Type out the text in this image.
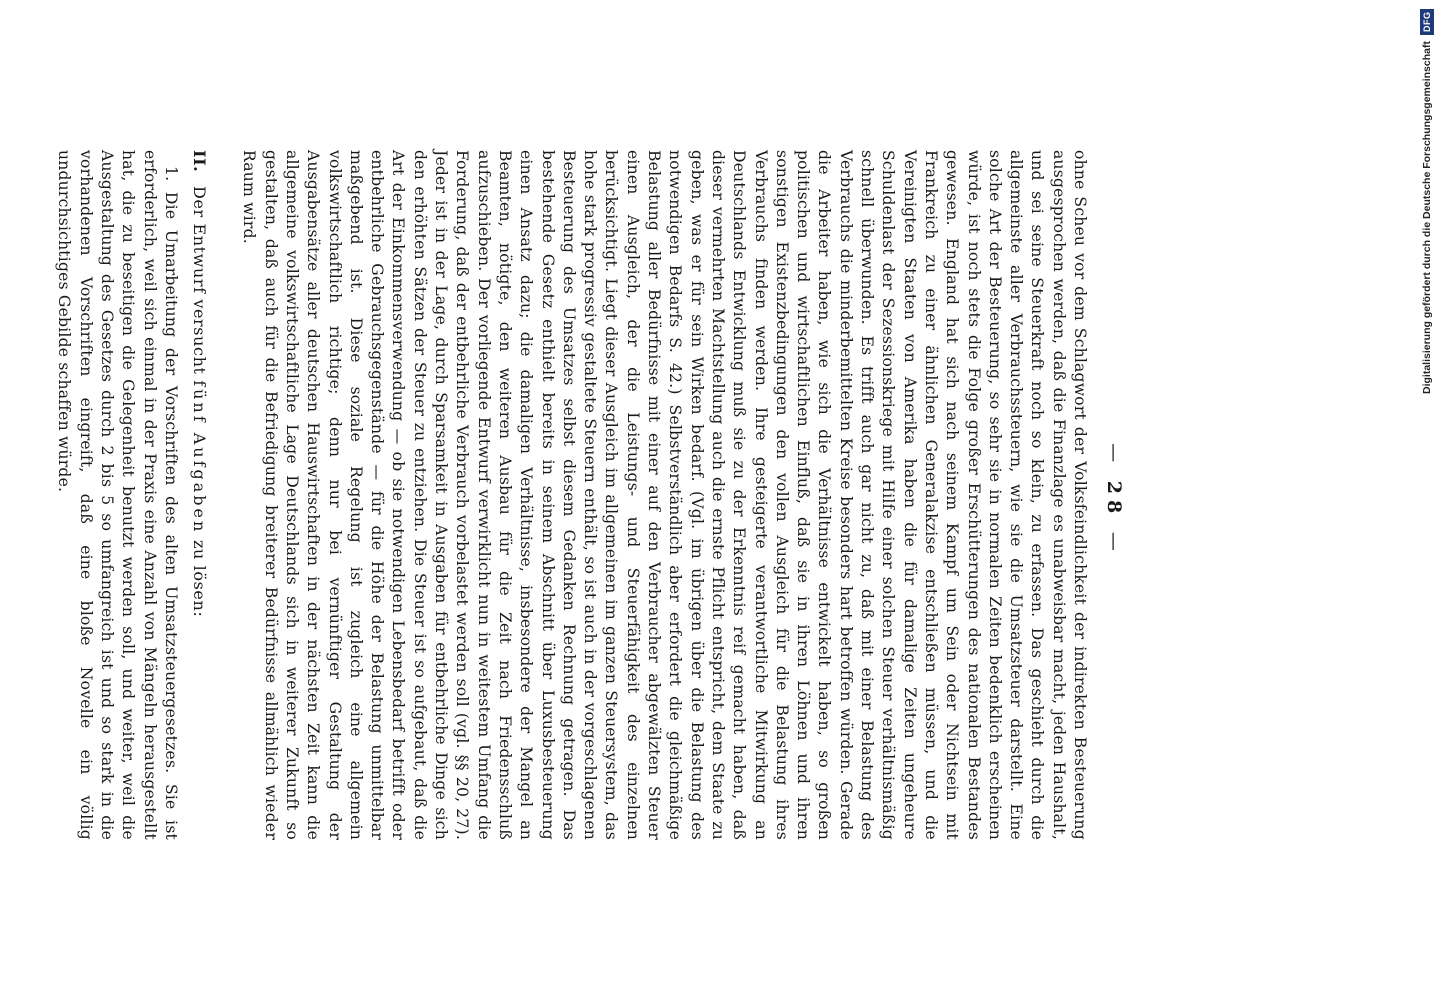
— 28 —

ohne Scheu vor dem Schlagwort der Volksfeindlichkeit der indirekten Besteuerung ausgesprochen werden, daß die Finanzlage es unabweisbar macht, jeden Haushalt, und sei seine Steuerkraft noch so klein, zu erfassen. Das geschieht durch die allgemeinste aller Verbrauchssteuern, wie sie die Umsatzsteuer darstellt. Eine solche Art der Besteuerung, so sehr sie in normalen Zeiten bedenklich erscheinen würde, ist noch stets die Folge großer Erschütterungen des nationalen Bestandes gewesen. England hat sich nach seinem Kampf um Sein oder Nichtsein mit Frankreich zu einer ähnlichen Generalakzise entschließen müssen, und die Vereinigten Staaten von Amerika haben die für damalige Zeiten ungeheure Schuldenlast der Sezessionskriege mit Hilfe einer solchen Steuer verhältnismäßig schnell überwunden. Es trifft auch gar nicht zu, daß mit einer Belastung des Verbrauchs die minderbemittelten Kreise besonders hart betroffen würden. Gerade die Arbeiter haben, wie sich die Verhältnisse entwickelt haben, so großen politischen und wirtschaftlichen Einfluß, daß sie in ihren Löhnen und ihren sonstigen Existenzbedingungen den vollen Ausgleich für die Belastung ihres Verbrauchs finden werden. Ihre gesteigerte verantwortliche Mitwirkung an Deutschlands Entwicklung muß sie zu der Erkenntnis reif gemacht haben, daß dieser vermehrten Machtstellung auch die ernste Pflicht entspricht, dem Staate zu geben, was er für sein Wirken bedarf. (Vgl. im übrigen über die Belastung des notwendigen Bedarfs S. 42.) Selbstverständlich aber erfordert die gleichmäßige Belastung aller Bedürfnisse mit einer auf den Verbraucher abgewälzten Steuer einen Ausgleich, der die Leistungs- und Steuerfähigkeit des einzelnen berücksichtigt. Liegt dieser Ausgleich im allgemeinen im ganzen Steuersystem, das hohe stark progressiv gestaltete Steuern enthält, so ist auch in der vorgeschlagenen Besteuerung des Umsatzes selbst diesem Gedanken Rechnung getragen. Das bestehende Gesetz enthielt bereits in seinem Abschnitt über Luxusbesteuerung einen Ansatz dazu; die damaligen Verhältnisse, insbesondere der Mangel an Beamten, nötigte, den weiteren Ausbau für die Zeit nach Friedensschluß aufzuschieben. Der vorliegende Entwurf verwirklicht nun in weitestem Umfang die Forderung, daß der entbehrliche Verbrauch vorbelastet werden soll (vgl. §§ 20, 27). Jeder ist in der Lage, durch Sparsamkeit in Ausgaben für entbehrliche Dinge sich den erhöhten Sätzen der Steuer zu entziehen. Die Steuer ist so aufgebaut, daß die Art der Einkommensverwendung — ob sie notwendigen Lebensbedarf betrifft oder entbehrliche Gebrauchsgegenstände — für die Höhe der Belastung unmittelbar maßgebend ist. Diese soziale Regelung ist zugleich eine allgemein volkswirtschaftlich richtige; denn nur bei vernünftiger Gestaltung der Ausgabensätze aller deutschen Hauswirtschaften in der nächsten Zeit kann die allgemeine volkswirtschaftliche Lage Deutschlands sich in weiterer Zukunft so gestalten, daß auch für die Befriedigung breiterer Bedürfnisse allmählich wieder Raum wird.

II. Der Entwurf versucht fünf Aufgaben zu lösen:

1. Die Umarbeitung der Vorschriften des alten Umsatzsteuergesetzes. Sie ist erforderlich, weil sich einmal in der Praxis eine Anzahl von Mängeln herausgestellt hat, die zu beseitigen die Gelegenheit benutzt werden soll, und weiter, weil die Ausgestaltung des Gesetzes durch 2 bis 5 so umfangreich ist und so stark in die vorhandenen Vorschriften eingreift, daß eine bloße Novelle ein völlig undurchsichtiges Gebilde schaffen würde.	Digitalisierung gefördert durch die Deutsche Forschungsgemeinschaft
DFG
